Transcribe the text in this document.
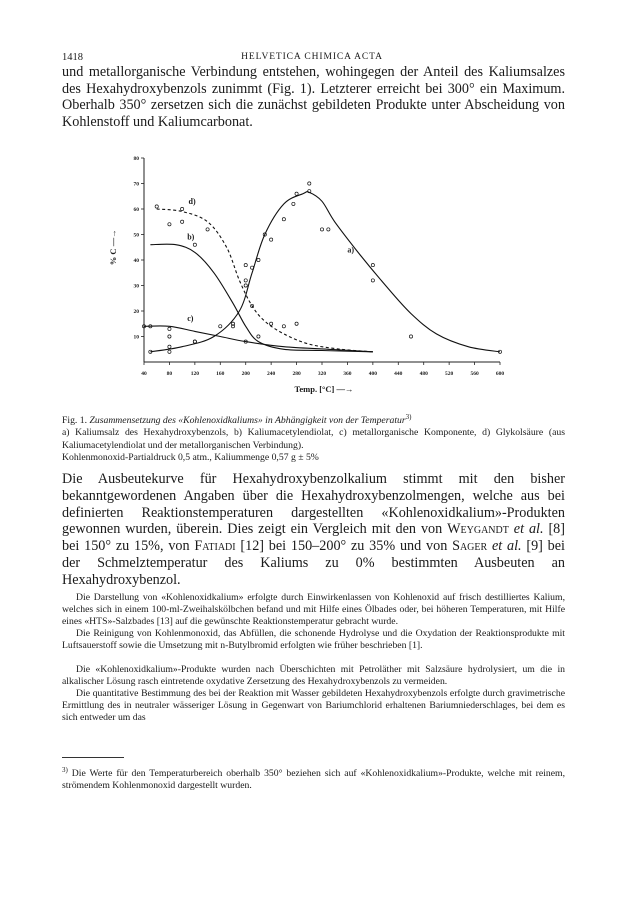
1418	HELVETICA CHIMICA ACTA

und metallorganische Verbindung entstehen, wohingegen der Anteil des Kaliumsalzes des Hexahydroxybenzols zunimmt (Fig. 1). Letzterer erreicht bei 300° ein Maximum. Oberhalb 350° zersetzen sich die zunächst gebildeten Produkte unter Abscheidung von Kohlenstoff und Kaliumcarbonat.

40	80	120	160	200	240	280	320	360	400	440	480	520	560	600
10
20
30
40
50
60
70
80
Temp. [°C] —→
% C —→	a)
b)
c)
d)

Fig. 1. Zusammensetzung des «Kohlenoxidkaliums» in Abhängigkeit von der Temperatur$^{3)}$
a) Kaliumsalz des Hexahydroxybenzols, b) Kaliumacetylendiolat, c) metallorganische Komponente, d) Glykolsäure (aus Kaliumacetylendiolat und der metallorganischen Verbindung).
Kohlenmonoxid-Partialdruck 0,5 atm., Kaliummenge 0,57 g ± 5%

Die Ausbeutekurve für Hexahydroxybenzolkalium stimmt mit den bisher bekanntgewordenen Angaben über die Hexahydroxybenzolmengen, welche aus bei definierten Reaktionstemperaturen dargestellten «Kohlenoxidkalium»-Produkten gewonnen wurden, überein. Dies zeigt ein Vergleich mit den von Weygandt et al. [8] bei 150° zu 15%, von Fatiadi [12] bei 150–200° zu 35% und von Sager et al. [9] bei der Schmelztemperatur des Kaliums zu 0% bestimmten Ausbeuten an Hexahydroxybenzol.

Die Darstellung von «Kohlenoxidkalium» erfolgte durch Einwirkenlassen von Kohlenoxid auf frisch destilliertes Kalium, welches sich in einem 100-ml-Zweihalskölbchen befand und mit Hilfe eines Ölbades oder, bei höheren Temperaturen, mit Hilfe eines «HTS»-Salzbades [13] auf die gewünschte Reaktionstemperatur gebracht wurde.

Die Reinigung von Kohlenmonoxid, das Abfüllen, die schonende Hydrolyse und die Oxydation der Reaktionsprodukte mit Luftsauerstoff sowie die Umsetzung mit n-Butylbromid erfolgten wie früher beschrieben [1].

Die «Kohlenoxidkalium»-Produkte wurden nach Überschichten mit Petroläther mit Salzsäure hydrolysiert, um die in alkalischer Lösung rasch eintretende oxydative Zersetzung des Hexahydroxybenzols zu vermeiden.

Die quantitative Bestimmung des bei der Reaktion mit Wasser gebildeten Hexahydroxybenzols erfolgte durch gravimetrische Ermittlung des in neutraler wässeriger Lösung in Gegenwart von Bariumchlorid erhaltenen Bariumniederschlages, bei dem es sich entweder um das

$^{3)}$ Die Werte für den Temperaturbereich oberhalb 350° beziehen sich auf «Kohlenoxidkalium»-Produkte, welche mit reinem, strömendem Kohlenmonoxid dargestellt wurden.
